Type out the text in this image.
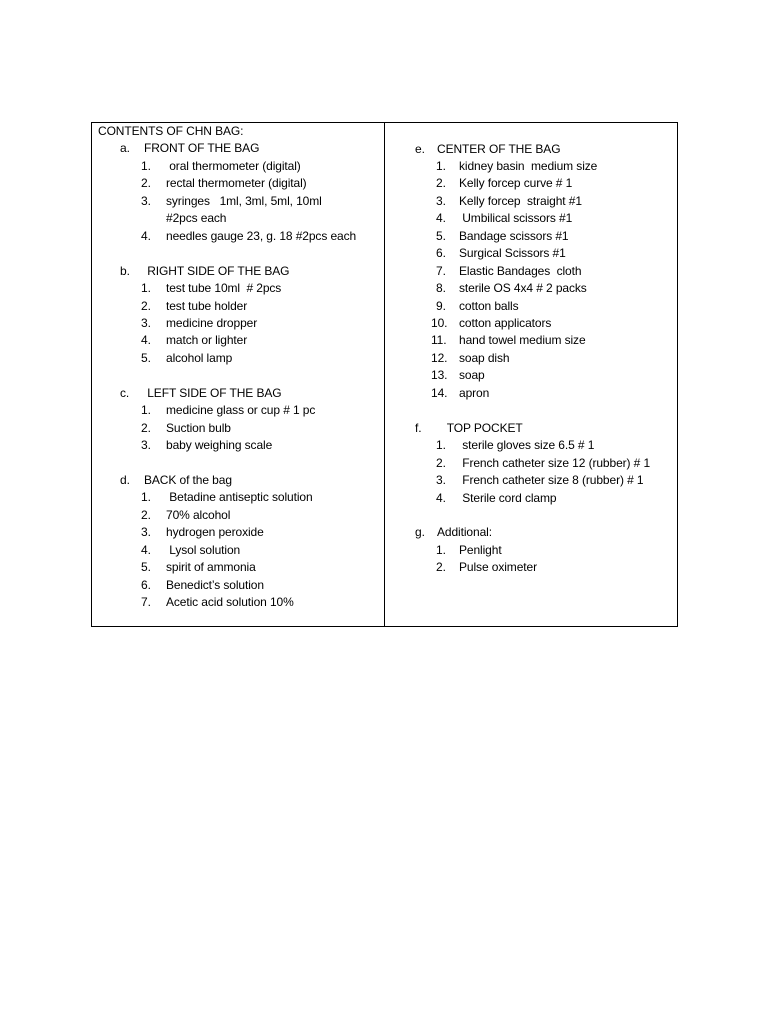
CONTENTS OF CHN BAG:
a. FRONT OF THE BAG
1. oral thermometer (digital)
2. rectal thermometer (digital)
3. syringes   1ml, 3ml, 5ml, 10ml
#2pcs each
4. needles gauge 23, g. 18 #2pcs each
b. RIGHT SIDE OF THE BAG
1. test tube 10ml  # 2pcs
2. test tube holder
3. medicine dropper
4. match or lighter
5. alcohol lamp
c. LEFT SIDE OF THE BAG
1. medicine glass or cup # 1 pc
2. Suction bulb
3. baby weighing scale
d. BACK of the bag
1. Betadine antiseptic solution
2. 70% alcohol
3. hydrogen peroxide
4. Lysol solution
5. spirit of ammonia
6. Benedict’s solution
7. Acetic acid solution 10%
e. CENTER OF THE BAG
1. kidney basin  medium size
2. Kelly forcep curve # 1
3. Kelly forcep  straight #1
4. Umbilical scissors #1
5. Bandage scissors #1
6. Surgical Scissors #1
7. Elastic Bandages  cloth
8. sterile OS 4x4 # 2 packs
9. cotton balls
10. cotton applicators
11. hand towel medium size
12. soap dish
13. soap
14. apron
f. TOP POCKET
1. sterile gloves size 6.5 # 1
2. French catheter size 12 (rubber) # 1
3. French catheter size 8 (rubber) # 1
4. Sterile cord clamp
g. Additional:
1. Penlight
2. Pulse oximeter
